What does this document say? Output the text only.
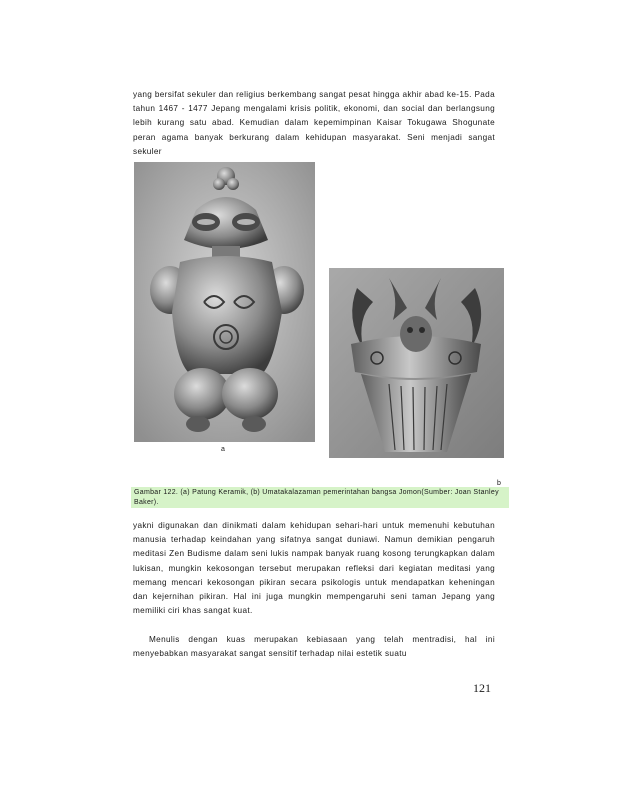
yang bersifat sekuler dan religius berkembang sangat pesat hingga akhir abad ke-15. Pada tahun 1467 - 1477 Jepang mengalami krisis politik, ekonomi, dan social dan berlangsung lebih kurang satu abad. Kemudian dalam kepemimpinan Kaisar Tokugawa Shogunate peran agama banyak berkurang dalam kehidupan masyarakat. Seni menjadi sangat sekuler

a
b

Gambar 122. (a) Patung Keramik, (b) Umatakalazaman pemerintahan bangsa Jomon(Sumber: Joan Stanley Baker).

yakni digunakan dan dinikmati dalam kehidupan sehari-hari untuk memenuhi kebutuhan manusia terhadap keindahan yang sifatnya sangat duniawi. Namun demikian pengaruh meditasi Zen Budisme dalam seni lukis nampak banyak ruang kosong terungkapkan dalam lukisan, mungkin kekosongan tersebut merupakan refleksi dari kegiatan meditasi yang memang mencari kekosongan pikiran secara psikologis untuk mendapatkan keheningan dan kejernihan pikiran. Hal ini juga mungkin mempengaruhi seni taman Jepang yang memiliki ciri khas sangat kuat.

Menulis dengan kuas merupakan kebiasaan yang telah mentradisi, hal ini menyebabkan masyarakat sangat sensitif terhadap nilai estetik suatu

121
